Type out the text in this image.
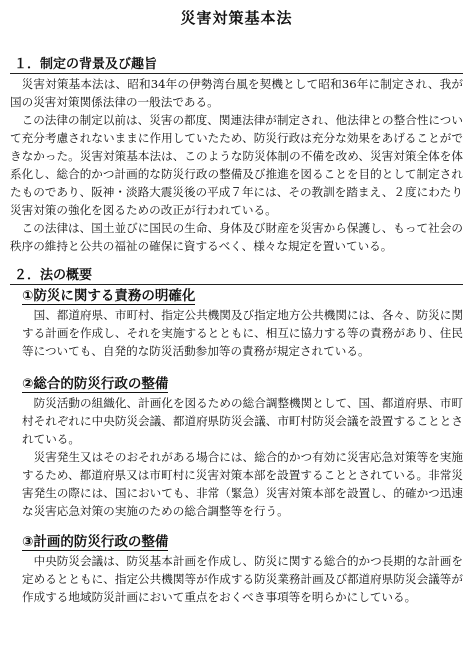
災害対策基本法
１．制定の背景及び趣旨

災害対策基本法は、昭和34年の伊勢湾台風を契機として昭和36年に制定され、我が国の災害対策関係法律の一般法である。

この法律の制定以前は、災害の都度、関連法律が制定され、他法律との整合性について充分考慮されないままに作用していたため、防災行政は充分な効果をあげることができなかった。災害対策基本法は、このような防災体制の不備を改め、災害対策全体を体系化し、総合的かつ計画的な防災行政の整備及び推進を図ることを目的として制定されたものであり、阪神・淡路大震災後の平成７年には、その教訓を踏まえ、２度にわたり災害対策の強化を図るための改正が行われている。

この法律は、国土並びに国民の生命、身体及び財産を災害から保護し、もって社会の秩序の維持と公共の福祉の確保に資するべく、様々な規定を置いている。

２．法の概要
①防災に関する責務の明確化

国、都道府県、市町村、指定公共機関及び指定地方公共機関には、各々、防災に関する計画を作成し、それを実施するとともに、相互に協力する等の責務があり、住民等についても、自発的な防災活動参加等の責務が規定されている。

②総合的防災行政の整備

防災活動の組織化、計画化を図るための総合調整機関として、国、都道府県、市町村それぞれに中央防災会議、都道府県防災会議、市町村防災会議を設置することとされている。

災害発生又はそのおそれがある場合には、総合的かつ有効に災害応急対策等を実施するため、都道府県又は市町村に災害対策本部を設置することとされている。非常災害発生の際には、国においても、非常（緊急）災害対策本部を設置し、的確かつ迅速な災害応急対策の実施のための総合調整等を行う。

③計画的防災行政の整備

中央防災会議は、防災基本計画を作成し、防災に関する総合的かつ長期的な計画を定めるとともに、指定公共機関等が作成する防災業務計画及び都道府県防災会議等が作成する地域防災計画において重点をおくべき事項等を明らかにしている。
